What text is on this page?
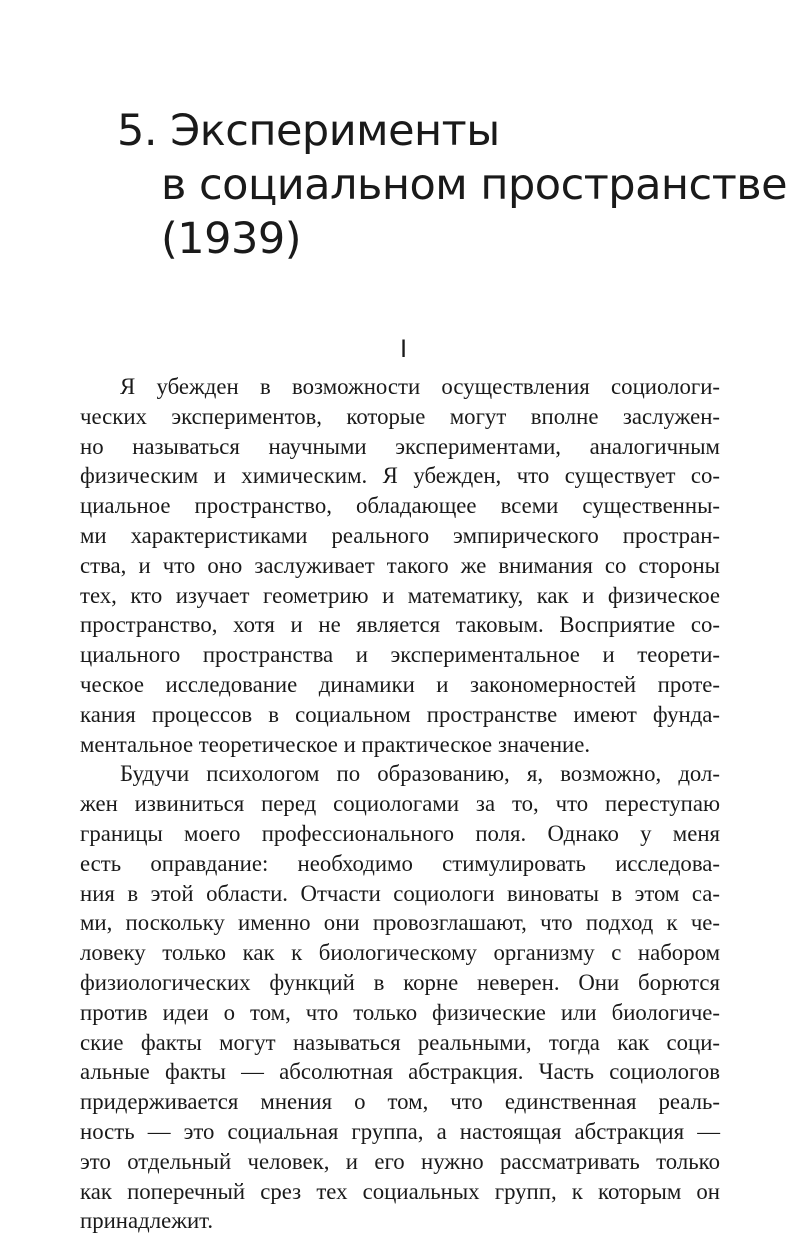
5. Эксперименты
в социальном пространстве
(1939)
I
Я убежден в возможности осуществления социологи-
ческих экспериментов, которые могут вполне заслужен-
но называться научными экспериментами, аналогичным
физическим и химическим. Я убежден, что существует со-
циальное пространство, обладающее всеми существенны-
ми характеристиками реального эмпирического простран-
ства, и что оно заслуживает такого же внимания со стороны
тех, кто изучает геометрию и математику, как и физическое
пространство, хотя и не является таковым. Восприятие со-
циального пространства и экспериментальное и теорети-
ческое исследование динамики и закономерностей проте-
кания процессов в социальном пространстве имеют фунда-
ментальное теоретическое и практическое значение.
Будучи психологом по образованию, я, возможно, дол-
жен извиниться перед социологами за то, что переступаю
границы моего профессионального поля. Однако у меня
есть оправдание: необходимо стимулировать исследова-
ния в этой области. Отчасти социологи виноваты в этом са-
ми, поскольку именно они провозглашают, что подход к че-
ловеку только как к биологическому организму с набором
физиологических функций в корне неверен. Они борются
против идеи о том, что только физические или биологиче-
ские факты могут называться реальными, тогда как соци-
альные факты — абсолютная абстракция. Часть социологов
придерживается мнения о том, что единственная реаль-
ность — это социальная группа, а настоящая абстракция —
это отдельный человек, и его нужно рассматривать только
как поперечный срез тех социальных групп, к которым он
принадлежит.
